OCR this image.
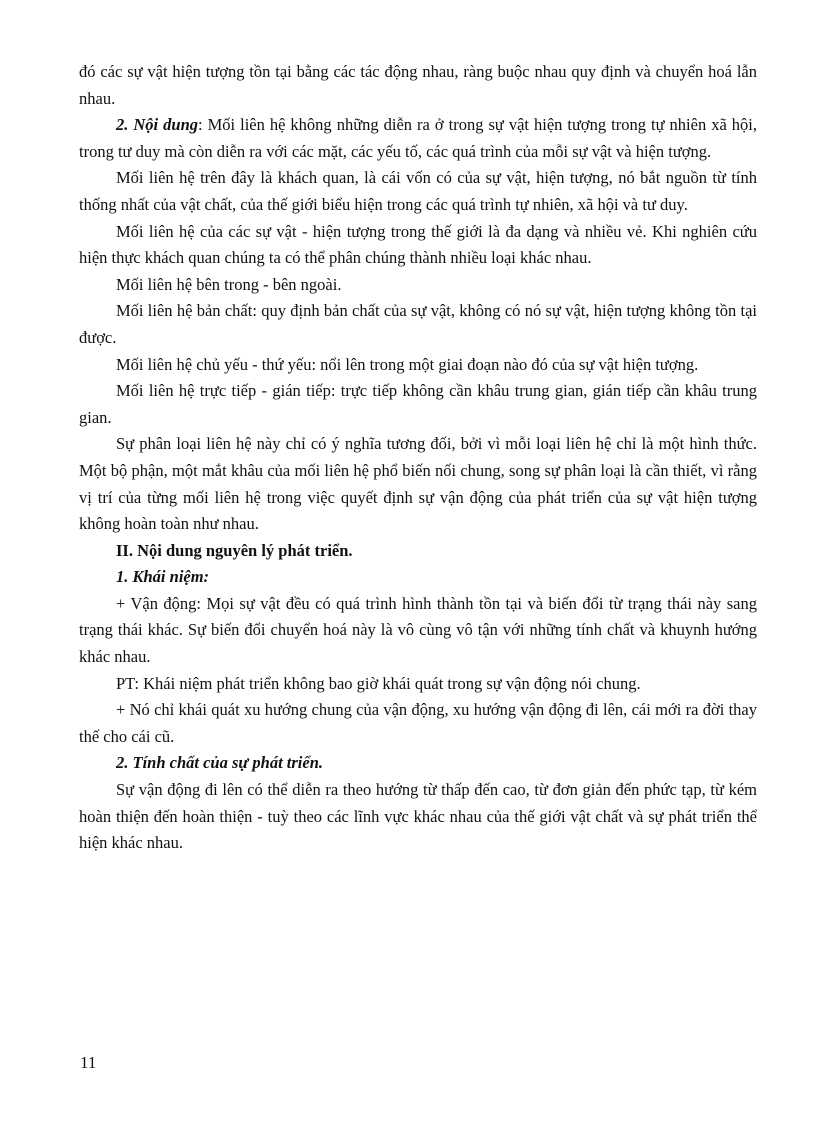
đó các sự vật hiện tượng tồn tại bằng các tác động nhau, ràng buộc nhau quy định và chuyển hoá lẫn nhau.

2. Nội dung: Mối liên hệ không những diễn ra ở trong sự vật hiện tượng trong tự nhiên xã hội, trong tư duy mà còn diễn ra với các mặt, các yếu tố, các quá trình của mỗi sự vật và hiện tượng.

Mối liên hệ trên đây là khách quan, là cái vốn có của sự vật, hiện tượng, nó bắt nguồn từ tính thống nhất của vật chất, của thế giới biểu hiện trong các quá trình tự nhiên, xã hội và tư duy.

Mối liên hệ của các sự vật - hiện tượng trong thế giới là đa dạng và nhiều vẻ. Khi nghiên cứu hiện thực khách quan chúng ta có thể phân chúng thành nhiều loại khác nhau.

Mối liên hệ bên trong - bên ngoài.

Mối liên hệ bản chất: quy định bản chất của sự vật, không có nó sự vật, hiện tượng không tồn tại được.

Mối liên hệ chủ yếu - thứ yếu: nổi lên trong một giai đoạn nào đó của sự vật hiện tượng.

Mối liên hệ trực tiếp - gián tiếp: trực tiếp không cần khâu trung gian, gián tiếp cần khâu trung gian.

Sự phân loại liên hệ này chỉ có ý nghĩa tương đối, bởi vì mỗi loại liên hệ chỉ là một hình thức. Một bộ phận, một mắt khâu của mối liên hệ phổ biến nối chung, song sự phân loại là cần thiết, vì rằng vị trí của từng mối liên hệ trong việc quyết định sự vận động của phát triển của sự vật hiện tượng không hoàn toàn như nhau.

II. Nội dung nguyên lý phát triển.

1. Khái niệm:

+ Vận động: Mọi sự vật đều có quá trình hình thành tồn tại và biến đổi từ trạng thái này sang trạng thái khác. Sự biến đổi chuyển hoá này là vô cùng vô tận với những tính chất và khuynh hướng khác nhau.

PT: Khái niệm phát triển không bao giờ khái quát trong sự vận động nói chung.

+ Nó chỉ khái quát xu hướng chung của vận động, xu hướng vận động đi lên, cái mới ra đời thay thế cho cái cũ.

2. Tính chất của sự phát triển.

Sự vận động đi lên có thể diễn ra theo hướng từ thấp đến cao, từ đơn giản đến phức tạp, từ kém hoàn thiện đến hoàn thiện - tuỳ theo các lĩnh vực khác nhau của thế giới vật chất và sự phát triển thể hiện khác nhau.

11
